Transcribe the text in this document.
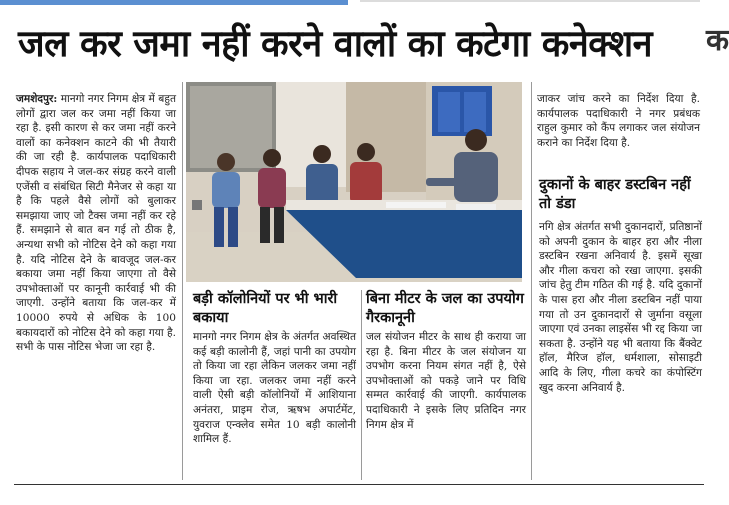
जल कर जमा नहीं करने वालों का कटेगा कनेक्शन	क
जमशेदपुर: मानगो नगर निगम क्षेत्र में बहुत लोगों द्वारा जल कर जमा नहीं किया जा रहा है. इसी कारण से कर जमा नहीं करने वालों का कनेक्शन काटने की भी तैयारी की जा रही है. कार्यपालक पदाधिकारी दीपक सहाय ने जल-कर संग्रह करने वाली एजेंसी व संबंधित सिटी मैनेजर से कहा या है कि पहले वैसे लोगों को बुलाकर समझाया जाए जो टैक्स जमा नहीं कर रहे हैं. समझाने से बात बन गई तो ठीक है, अन्यथा सभी को नोटिस देने को कहा गया है. यदि नोटिस देने के बावजूद जल-कर बकाया जमा नहीं किया जाएगा तो वैसे उपभोक्ताओं पर कानूनी कार्रवाई भी की जाएगी. उन्होंने बताया कि जल-कर में 10000 रुपये से अधिक के 100 बकायदारों को नोटिस देने को कहा गया है. सभी के पास नोटिस भेजा जा रहा है.
बड़ी कॉलोनियों पर भी भारी बकाया
मानगो नगर निगम क्षेत्र के अंतर्गत अवस्थित कई बड़ी कालोनी हैं, जहां पानी का उपयोग तो किया जा रहा लेकिन जलकर जमा नहीं किया जा रहा. जलकर जमा नहीं करने वाली ऐसी बड़ी कॉलोनियों में आशियाना अनंतरा, प्राइम रोज, ऋषभ अपार्टमेंट, युवराज एन्क्लेव समेत 10 बड़ी कालोनी शामिल हैं.
बिना मीटर के जल का उपयोग गैरकानूनी
जल संयोजन मीटर के साथ ही कराया जा रहा है. बिना मीटर के जल संयोजन या उपभोग करना नियम संगत नहीं है, ऐसे उपभोक्ताओं को पकड़े जाने पर विधि सम्मत कार्रवाई की जाएगी. कार्यपालक पदाधिकारी ने इसके लिए प्रतिदिन नगर निगम क्षेत्र में
जाकर जांच करने का निर्देश दिया है. कार्यपालक पदाधिकारी ने नगर प्रबंधक राहुल कुमार को कैंप लगाकर जल संयोजन कराने का निर्देश दिया है.
दुकानों के बाहर डस्टबिन नहीं तो डंडा
नगि क्षेत्र अंतर्गत सभी दुकानदारों, प्रतिष्ठानों को अपनी दुकान के बाहर हरा और नीला डस्टबिन रखना अनिवार्य है. इसमें सूखा और गीला कचरा को रखा जाएगा. इसकी जांच हेतु टीम गठित की गई है. यदि दुकानों के पास हरा और नीला डस्टबिन नहीं पाया गया तो उन दुकानदारों से जुर्माना वसूला जाएगा एवं उनका लाइसेंस भी रद्द किया जा सकता है. उन्होंने यह भी बताया कि बैंक्वेट हॉल, मैरिज हॉल, धर्मशाला, सोसाइटी आदि के लिए, गीला कचरे का कंपोस्टिंग खुद करना अनिवार्य है.
